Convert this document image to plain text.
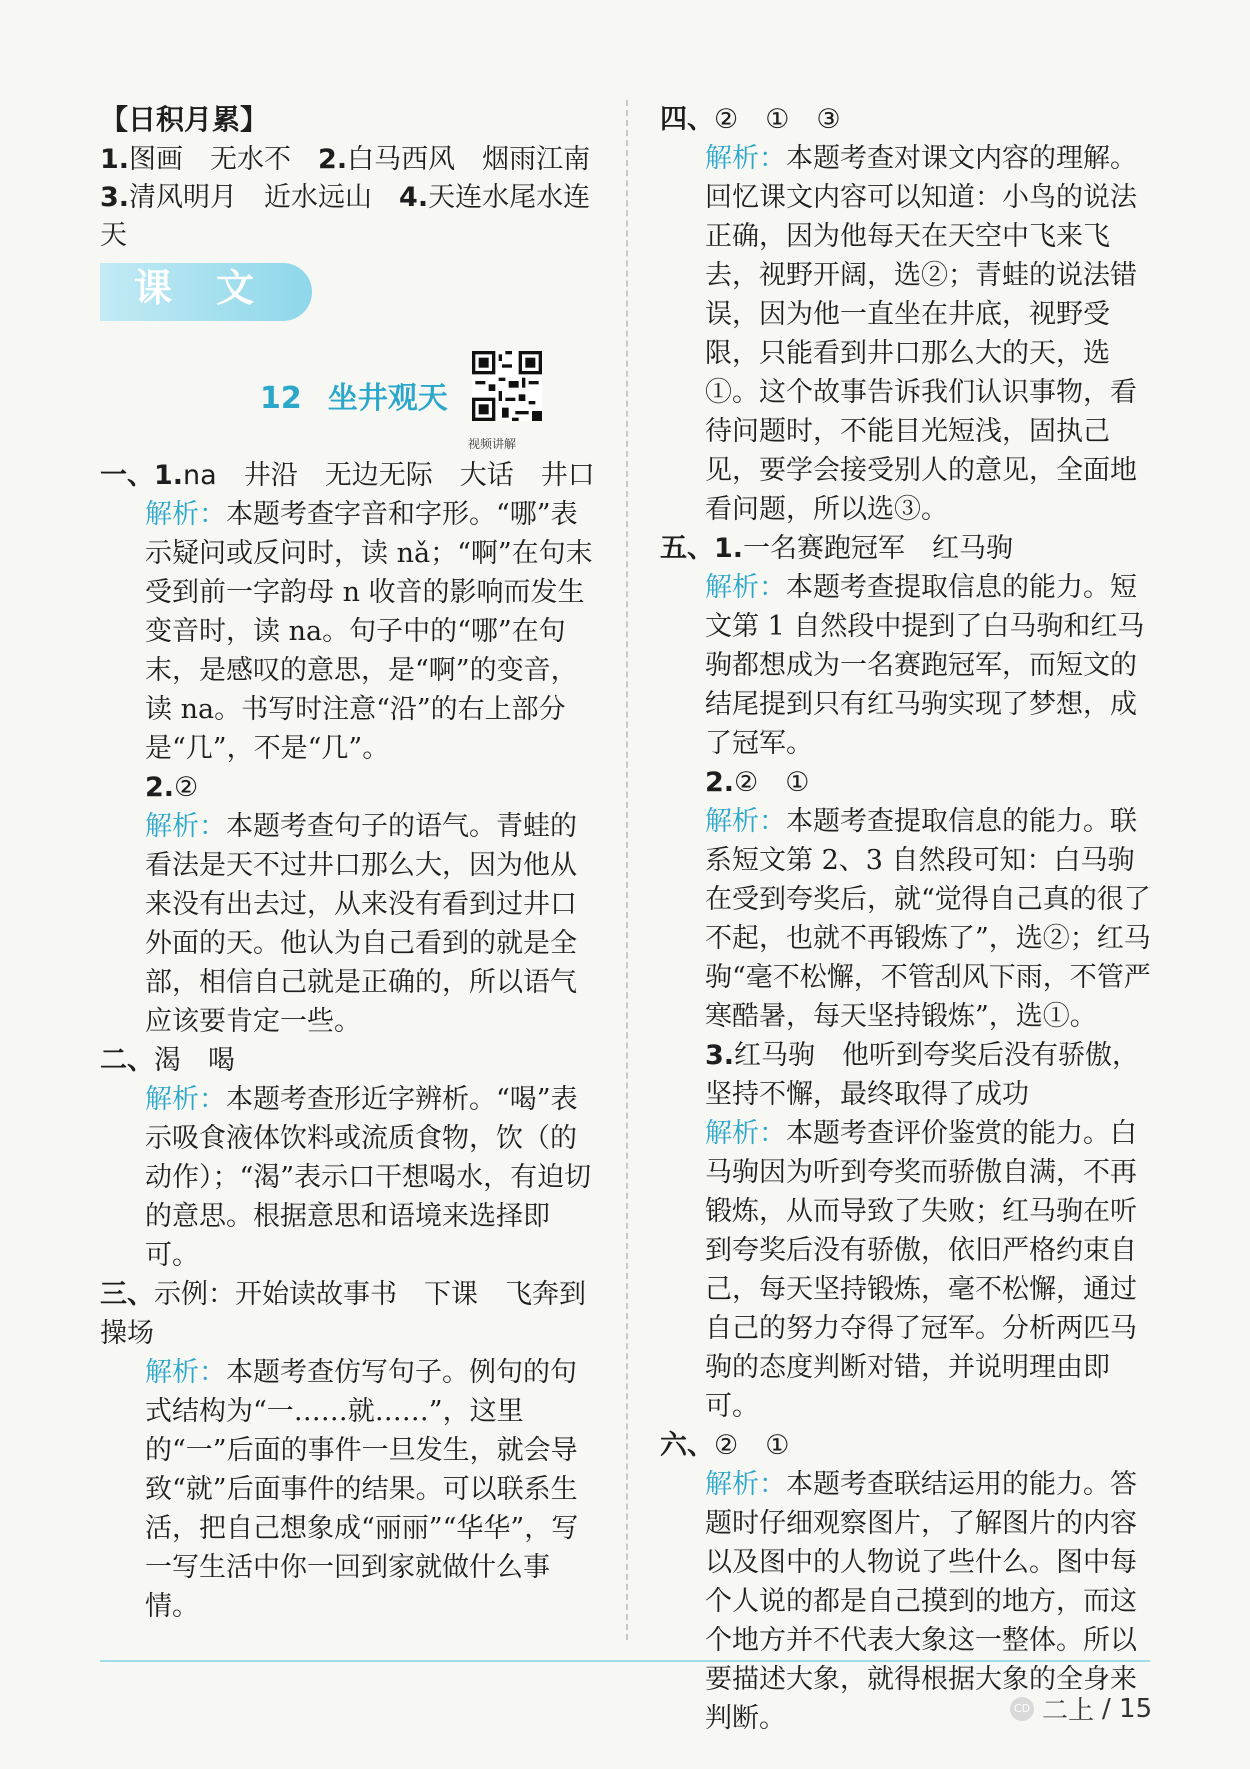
【日积月累】
1.图画　无水不　2.白马西风　烟雨江南　3.清风明月　近水远山　4.天连水尾水连天
课文
12 坐井观天
视频讲解
一、1.na　井沿　无边无际　大话　井口
解析：本题考查字音和字形。“哪”表示疑问或反问时，读 nǎ；“啊”在句末受到前一字韵母 n 收音的影响而发生变音时，读 na。句子中的“哪”在句末，是感叹的意思，是“啊”的变音，读 na。书写时注意“沿”的右上部分是“几”，不是“几”。
2.②
解析：本题考查句子的语气。青蛙的看法是天不过井口那么大，因为他从来没有出去过，从来没有看到过井口外面的天。他认为自己看到的就是全部，相信自己就是正确的，所以语气应该要肯定一些。
二、渴　喝
解析：本题考查形近字辨析。“喝”表示吸食液体饮料或流质食物，饮（的动作）；“渴”表示口干想喝水，有迫切的意思。根据意思和语境来选择即可。
三、示例：开始读故事书　下课　飞奔到操场
解析：本题考查仿写句子。例句的句式结构为“一……就……”，这里的“一”后面的事件一旦发生，就会导致“就”后面事件的结果。可以联系生活，把自己想象成“丽丽”“华华”，写一写生活中你一回到家就做什么事情。
四、②　①　③
解析：本题考查对课文内容的理解。回忆课文内容可以知道：小鸟的说法正确，因为他每天在天空中飞来飞去，视野开阔，选②；青蛙的说法错误，因为他一直坐在井底，视野受限，只能看到井口那么大的天，选①。这个故事告诉我们认识事物，看待问题时，不能目光短浅，固执己见，要学会接受别人的意见，全面地看问题，所以选③。
五、1.一名赛跑冠军　红马驹
解析：本题考查提取信息的能力。短文第 1 自然段中提到了白马驹和红马驹都想成为一名赛跑冠军，而短文的结尾提到只有红马驹实现了梦想，成了冠军。
2.②　①
解析：本题考查提取信息的能力。联系短文第 2、3 自然段可知：白马驹在受到夸奖后，就“觉得自己真的很了不起，也就不再锻炼了”，选②；红马驹“毫不松懈，不管刮风下雨，不管严寒酷暑，每天坚持锻炼”，选①。
3.红马驹　他听到夸奖后没有骄傲，坚持不懈，最终取得了成功
解析：本题考查评价鉴赏的能力。白马驹因为听到夸奖而骄傲自满，不再锻炼，从而导致了失败；红马驹在听到夸奖后没有骄傲，依旧严格约束自己，每天坚持锻炼，毫不松懈，通过自己的努力夺得了冠军。分析两匹马驹的态度判断对错，并说明理由即可。
六、②　①
解析：本题考查联结运用的能力。答题时仔细观察图片，了解图片的内容以及图中的人物说了些什么。图中每个人说的都是自己摸到的地方，而这个地方并不代表大象这一整体。所以要描述大象，就得根据大象的全身来判断。	CD 二上 / 15
